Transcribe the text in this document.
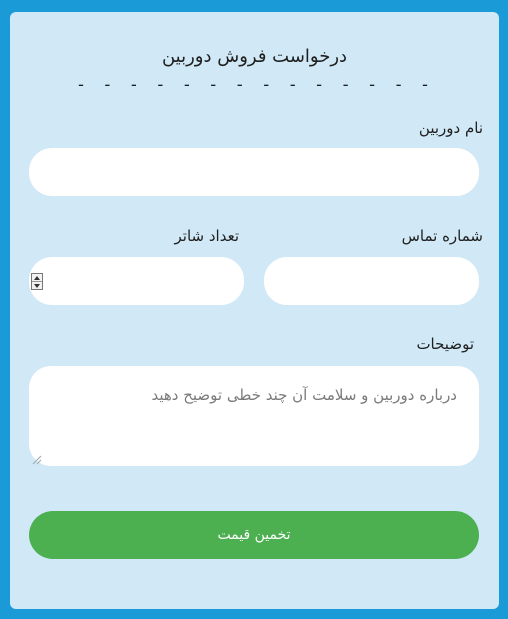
درخواست فروش دوربین
- - - - - - - - - - - - - -
نام دوربین
شماره تماس
تعداد شاتر
توضیحات
درباره دوربین و سلامت آن چند خطی توضیح دهید
تخمین قیمت
